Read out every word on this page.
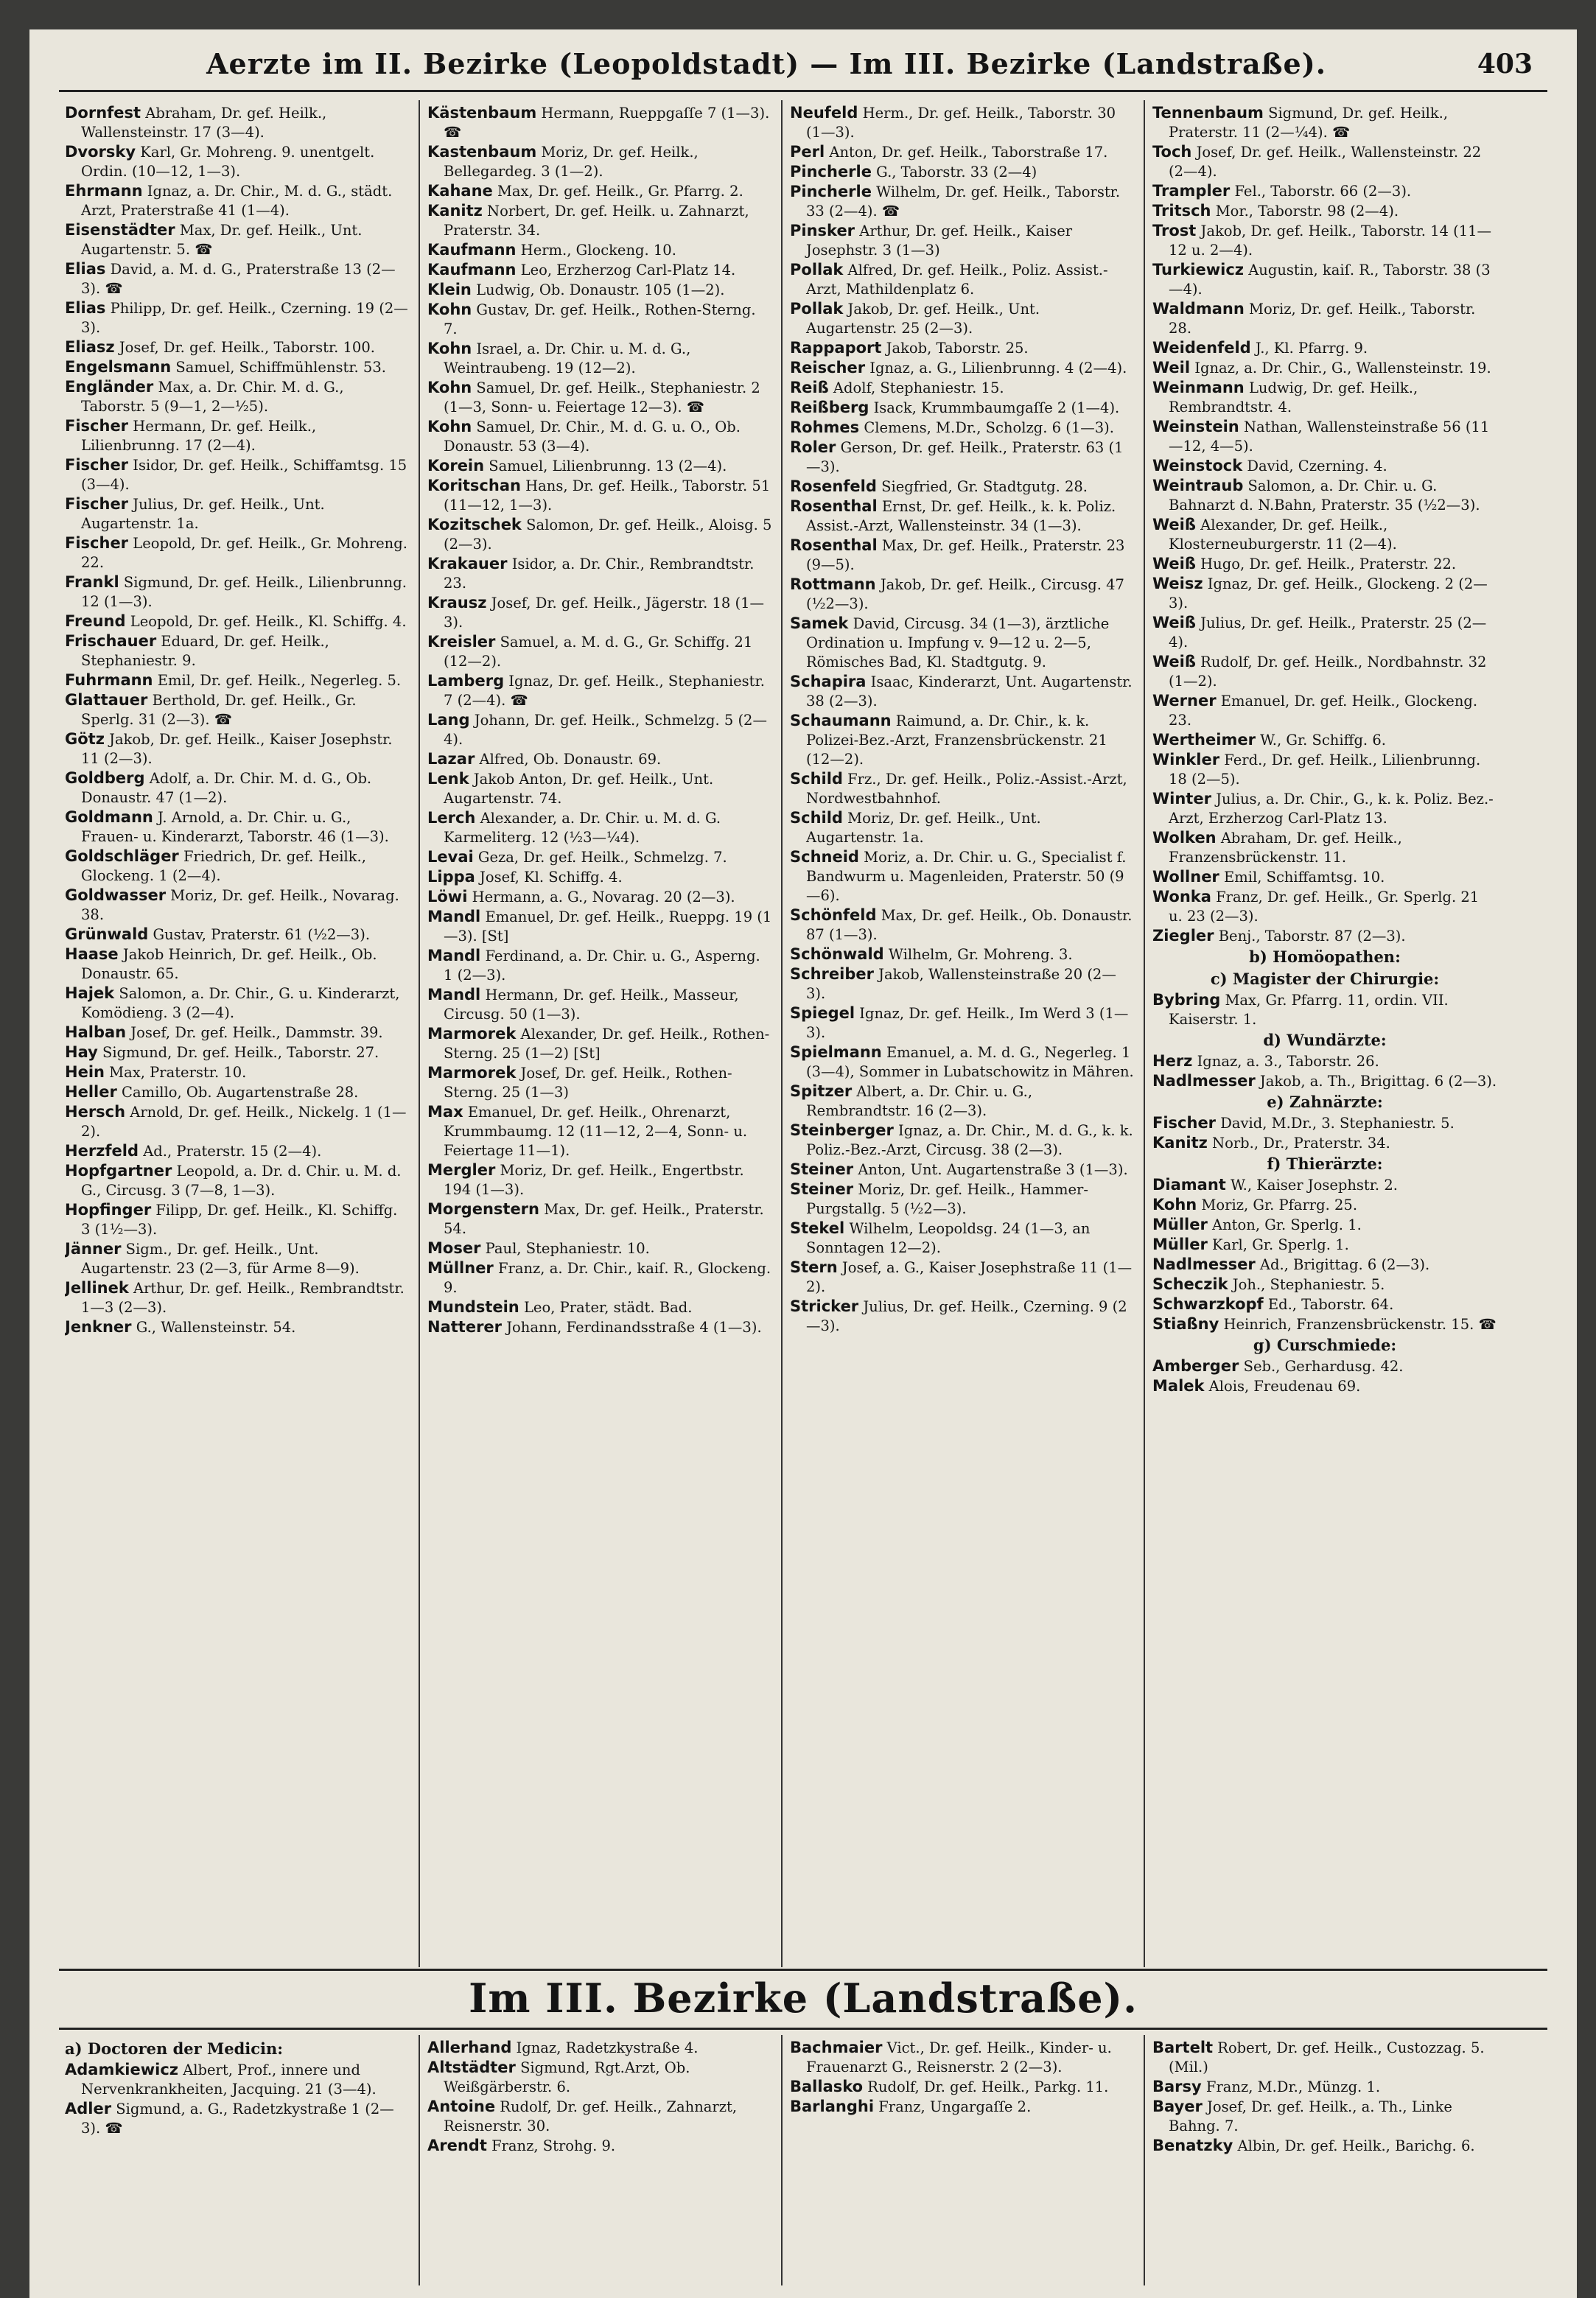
Aerzte im II. Bezirke (Leopoldstadt) — Im III. Bezirke (Landstraße).	403
Dornfest Abraham, Dr. gef. Heilk., Wallensteinstr. 17 (3—4).
Dvorsky Karl, Gr. Mohreng. 9. unentgelt. Ordin. (10—12, 1—3).
Ehrmann Ignaz, a. Dr. Chir., M. d. G., städt. Arzt, Praterstraße 41 (1—4).
Eisenstädter Max, Dr. gef. Heilk., Unt. Augartenstr. 5. ☎
Elias David, a. M. d. G., Praterstraße 13 (2—3). ☎
Elias Philipp, Dr. gef. Heilk., Czerning. 19 (2—3).
Eliasz Josef, Dr. gef. Heilk., Taborstr. 100.
Engelsmann Samuel, Schiffmühlenstr. 53.
Engländer Max, a. Dr. Chir. M. d. G., Taborstr. 5 (9—1, 2—½5).
Fischer Hermann, Dr. gef. Heilk., Lilienbrunng. 17 (2—4).
Fischer Isidor, Dr. gef. Heilk., Schiffamtsg. 15 (3—4).
Fischer Julius, Dr. gef. Heilk., Unt. Augartenstr. 1a.
Fischer Leopold, Dr. gef. Heilk., Gr. Mohreng. 22.
Frankl Sigmund, Dr. gef. Heilk., Lilienbrunng. 12 (1—3).
Freund Leopold, Dr. gef. Heilk., Kl. Schiffg. 4.
Frischauer Eduard, Dr. gef. Heilk., Stephaniestr. 9.
Fuhrmann Emil, Dr. gef. Heilk., Negerleg. 5.
Glattauer Berthold, Dr. gef. Heilk., Gr. Sperlg. 31 (2—3). ☎
Götz Jakob, Dr. gef. Heilk., Kaiser Josephstr. 11 (2—3).
Goldberg Adolf, a. Dr. Chir. M. d. G., Ob. Donaustr. 47 (1—2).
Goldmann J. Arnold, a. Dr. Chir. u. G., Frauen- u. Kinderarzt, Taborstr. 46 (1—3).
Goldschläger Friedrich, Dr. gef. Heilk., Glockeng. 1 (2—4).
Goldwasser Moriz, Dr. gef. Heilk., Novarag. 38.
Grünwald Gustav, Praterstr. 61 (½2—3).
Haase Jakob Heinrich, Dr. gef. Heilk., Ob. Donaustr. 65.
Hajek Salomon, a. Dr. Chir., G. u. Kinderarzt, Komödieng. 3 (2—4).
Halban Josef, Dr. gef. Heilk., Dammstr. 39.
Hay Sigmund, Dr. gef. Heilk., Taborstr. 27.
Hein Max, Praterstr. 10.
Heller Camillo, Ob. Augartenstraße 28.
Hersch Arnold, Dr. gef. Heilk., Nickelg. 1 (1—2).
Herzfeld Ad., Praterstr. 15 (2—4).
Hopfgartner Leopold, a. Dr. d. Chir. u. M. d. G., Circusg. 3 (7—8, 1—3).
Hopfinger Filipp, Dr. gef. Heilk., Kl. Schiffg. 3 (1½—3).
Jänner Sigm., Dr. gef. Heilk., Unt. Augartenstr. 23 (2—3, für Arme 8—9).
Jellinek Arthur, Dr. gef. Heilk., Rembrandtstr. 1—3 (2—3).
Jenkner G., Wallensteinstr. 54.
Kästenbaum Hermann, Rueppgaſſe 7 (1—3). ☎
Kastenbaum Moriz, Dr. gef. Heilk., Bellegardeg. 3 (1—2).
Kahane Max, Dr. gef. Heilk., Gr. Pfarrg. 2.
Kanitz Norbert, Dr. gef. Heilk. u. Zahnarzt, Praterstr. 34.
Kaufmann Herm., Glockeng. 10.
Kaufmann Leo, Erzherzog Carl-Platz 14.
Klein Ludwig, Ob. Donaustr. 105 (1—2).
Kohn Gustav, Dr. gef. Heilk., Rothen-Sterng. 7.
Kohn Israel, a. Dr. Chir. u. M. d. G., Weintraubeng. 19 (12—2).
Kohn Samuel, Dr. gef. Heilk., Stephaniestr. 2 (1—3, Sonn- u. Feiertage 12—3). ☎
Kohn Samuel, Dr. Chir., M. d. G. u. O., Ob. Donaustr. 53 (3—4).
Korein Samuel, Lilienbrunng. 13 (2—4).
Koritschan Hans, Dr. gef. Heilk., Taborstr. 51 (11—12, 1—3).
Kozitschek Salomon, Dr. gef. Heilk., Aloisg. 5 (2—3).
Krakauer Isidor, a. Dr. Chir., Rembrandtstr. 23.
Krausz Josef, Dr. gef. Heilk., Jägerstr. 18 (1—3).
Kreisler Samuel, a. M. d. G., Gr. Schiffg. 21 (12—2).
Lamberg Ignaz, Dr. gef. Heilk., Stephaniestr. 7 (2—4). ☎
Lang Johann, Dr. gef. Heilk., Schmelzg. 5 (2—4).
Lazar Alfred, Ob. Donaustr. 69.
Lenk Jakob Anton, Dr. gef. Heilk., Unt. Augartenstr. 74.
Lerch Alexander, a. Dr. Chir. u. M. d. G. Karmeliterg. 12 (½3—¼4).
Levai Geza, Dr. gef. Heilk., Schmelzg. 7.
Lippa Josef, Kl. Schiffg. 4.
Löwi Hermann, a. G., Novarag. 20 (2—3).
Mandl Emanuel, Dr. gef. Heilk., Rueppg. 19 (1—3). [St]
Mandl Ferdinand, a. Dr. Chir. u. G., Asperng. 1 (2—3).
Mandl Hermann, Dr. gef. Heilk., Masseur, Circusg. 50 (1—3).
Marmorek Alexander, Dr. gef. Heilk., Rothen-Sterng. 25 (1—2) [St]
Marmorek Josef, Dr. gef. Heilk., Rothen-Sterng. 25 (1—3)
Max Emanuel, Dr. gef. Heilk., Ohrenarzt, Krummbaumg. 12 (11—12, 2—4, Sonn- u. Feiertage 11—1).
Mergler Moriz, Dr. gef. Heilk., Engertbstr. 194 (1—3).
Morgenstern Max, Dr. gef. Heilk., Praterstr. 54.
Moser Paul, Stephaniestr. 10.
Müllner Franz, a. Dr. Chir., kaiſ. R., Glockeng. 9.
Mundstein Leo, Prater, städt. Bad.
Natterer Johann, Ferdinandsstraße 4 (1—3).
Neufeld Herm., Dr. gef. Heilk., Taborstr. 30 (1—3).
Perl Anton, Dr. gef. Heilk., Taborstraße 17.
Pincherle G., Taborstr. 33 (2—4)
Pincherle Wilhelm, Dr. gef. Heilk., Taborstr. 33 (2—4). ☎
Pinsker Arthur, Dr. gef. Heilk., Kaiser Josephstr. 3 (1—3)
Pollak Alfred, Dr. gef. Heilk., Poliz. Assist.-Arzt, Mathildenplatz 6.
Pollak Jakob, Dr. gef. Heilk., Unt. Augartenstr. 25 (2—3).
Rappaport Jakob, Taborstr. 25.
Reischer Ignaz, a. G., Lilienbrunng. 4 (2—4).
Reiß Adolf, Stephaniestr. 15.
Reißberg Isack, Krummbaumgaſſe 2 (1—4).
Rohmes Clemens, M.Dr., Scholzg. 6 (1—3).
Roler Gerson, Dr. gef. Heilk., Praterstr. 63 (1—3).
Rosenfeld Siegfried, Gr. Stadtgutg. 28.
Rosenthal Ernst, Dr. gef. Heilk., k. k. Poliz. Assist.-Arzt, Wallensteinstr. 34 (1—3).
Rosenthal Max, Dr. gef. Heilk., Praterstr. 23 (9—5).
Rottmann Jakob, Dr. gef. Heilk., Circusg. 47 (½2—3).
Samek David, Circusg. 34 (1—3), ärztliche Ordination u. Impfung v. 9—12 u. 2—5, Römisches Bad, Kl. Stadtgutg. 9.
Schapira Isaac, Kinderarzt, Unt. Augartenstr. 38 (2—3).
Schaumann Raimund, a. Dr. Chir., k. k. Polizei-Bez.-Arzt, Franzensbrückenstr. 21 (12—2).
Schild Frz., Dr. gef. Heilk., Poliz.-Assist.-Arzt, Nordwestbahnhof.
Schild Moriz, Dr. gef. Heilk., Unt. Augartenstr. 1a.
Schneid Moriz, a. Dr. Chir. u. G., Specialist f. Bandwurm u. Magenleiden, Praterstr. 50 (9—6).
Schönfeld Max, Dr. gef. Heilk., Ob. Donaustr. 87 (1—3).
Schönwald Wilhelm, Gr. Mohreng. 3.
Schreiber Jakob, Wallensteinstraße 20 (2—3).
Spiegel Ignaz, Dr. gef. Heilk., Im Werd 3 (1—3).
Spielmann Emanuel, a. M. d. G., Negerleg. 1 (3—4), Sommer in Lubatschowitz in Mähren.
Spitzer Albert, a. Dr. Chir. u. G., Rembrandtstr. 16 (2—3).
Steinberger Ignaz, a. Dr. Chir., M. d. G., k. k. Poliz.-Bez.-Arzt, Circusg. 38 (2—3).
Steiner Anton, Unt. Augartenstraße 3 (1—3).
Steiner Moriz, Dr. gef. Heilk., Hammer-Purgstallg. 5 (½2—3).
Stekel Wilhelm, Leopoldsg. 24 (1—3, an Sonntagen 12—2).
Stern Josef, a. G., Kaiser Josephstraße 11 (1—2).
Stricker Julius, Dr. gef. Heilk., Czerning. 9 (2—3).
Tennenbaum Sigmund, Dr. gef. Heilk., Praterstr. 11 (2—¼4). ☎
Toch Josef, Dr. gef. Heilk., Wallensteinstr. 22 (2—4).
Trampler Fel., Taborstr. 66 (2—3).
Tritsch Mor., Taborstr. 98 (2—4).
Trost Jakob, Dr. gef. Heilk., Taborstr. 14 (11—12 u. 2—4).
Turkiewicz Augustin, kaiſ. R., Taborstr. 38 (3—4).
Waldmann Moriz, Dr. gef. Heilk., Taborstr. 28.
Weidenfeld J., Kl. Pfarrg. 9.
Weil Ignaz, a. Dr. Chir., G., Wallensteinstr. 19.
Weinmann Ludwig, Dr. gef. Heilk., Rembrandtstr. 4.
Weinstein Nathan, Wallensteinstraße 56 (11—12, 4—5).
Weinstock David, Czerning. 4.
Weintraub Salomon, a. Dr. Chir. u. G. Bahnarzt d. N.Bahn, Praterstr. 35 (½2—3).
Weiß Alexander, Dr. gef. Heilk., Klosterneuburgerstr. 11 (2—4).
Weiß Hugo, Dr. gef. Heilk., Praterstr. 22.
Weisz Ignaz, Dr. gef. Heilk., Glockeng. 2 (2—3).
Weiß Julius, Dr. gef. Heilk., Praterstr. 25 (2—4).
Weiß Rudolf, Dr. gef. Heilk., Nordbahnstr. 32 (1—2).
Werner Emanuel, Dr. gef. Heilk., Glockeng. 23.
Wertheimer W., Gr. Schiffg. 6.
Winkler Ferd., Dr. gef. Heilk., Lilienbrunng. 18 (2—5).
Winter Julius, a. Dr. Chir., G., k. k. Poliz. Bez.-Arzt, Erzherzog Carl-Platz 13.
Wolken Abraham, Dr. gef. Heilk., Franzensbrückenstr. 11.
Wollner Emil, Schiffamtsg. 10.
Wonka Franz, Dr. gef. Heilk., Gr. Sperlg. 21 u. 23 (2—3).
Ziegler Benj., Taborstr. 87 (2—3).
b) Homöopathen:
c) Magister der Chirurgie:
Bybring Max, Gr. Pfarrg. 11, ordin. VII. Kaiserstr. 1.
d) Wundärzte:
Herz Ignaz, a. 3., Taborstr. 26.
Nadlmesser Jakob, a. Th., Brigittag. 6 (2—3).
e) Zahnärzte:
Fischer David, M.Dr., 3. Stephaniestr. 5.
Kanitz Norb., Dr., Praterstr. 34.
f) Thierärzte:
Diamant W., Kaiser Josephstr. 2.
Kohn Moriz, Gr. Pfarrg. 25.
Müller Anton, Gr. Sperlg. 1.
Müller Karl, Gr. Sperlg. 1.
Nadlmesser Ad., Brigittag. 6 (2—3).
Scheczik Joh., Stephaniestr. 5.
Schwarzkopf Ed., Taborstr. 64.
Stiaßny Heinrich, Franzensbrückenstr. 15. ☎
g) Curschmiede:
Amberger Seb., Gerhardusg. 42.
Malek Alois, Freudenau 69.
Im III. Bezirke (Landstraße).
a) Doctoren der Medicin:
Adamkiewicz Albert, Prof., innere und Nervenkrankheiten, Jacquing. 21 (3—4).
Adler Sigmund, a. G., Radetzkystraße 1 (2—3). ☎
Allerhand Ignaz, Radetzkystraße 4.
Altstädter Sigmund, Rgt.Arzt, Ob. Weißgärberstr. 6.
Antoine Rudolf, Dr. gef. Heilk., Zahnarzt, Reisnerstr. 30.
Arendt Franz, Strohg. 9.
Bachmaier Vict., Dr. gef. Heilk., Kinder- u. Frauenarzt G., Reisnerstr. 2 (2—3).
Ballasko Rudolf, Dr. gef. Heilk., Parkg. 11.
Barlanghi Franz, Ungargaſſe 2.
Bartelt Robert, Dr. gef. Heilk., Custozzag. 5. (Mil.)
Barsy Franz, M.Dr., Münzg. 1.
Bayer Josef, Dr. gef. Heilk., a. Th., Linke Bahng. 7.
Benatzky Albin, Dr. gef. Heilk., Barichg. 6.
